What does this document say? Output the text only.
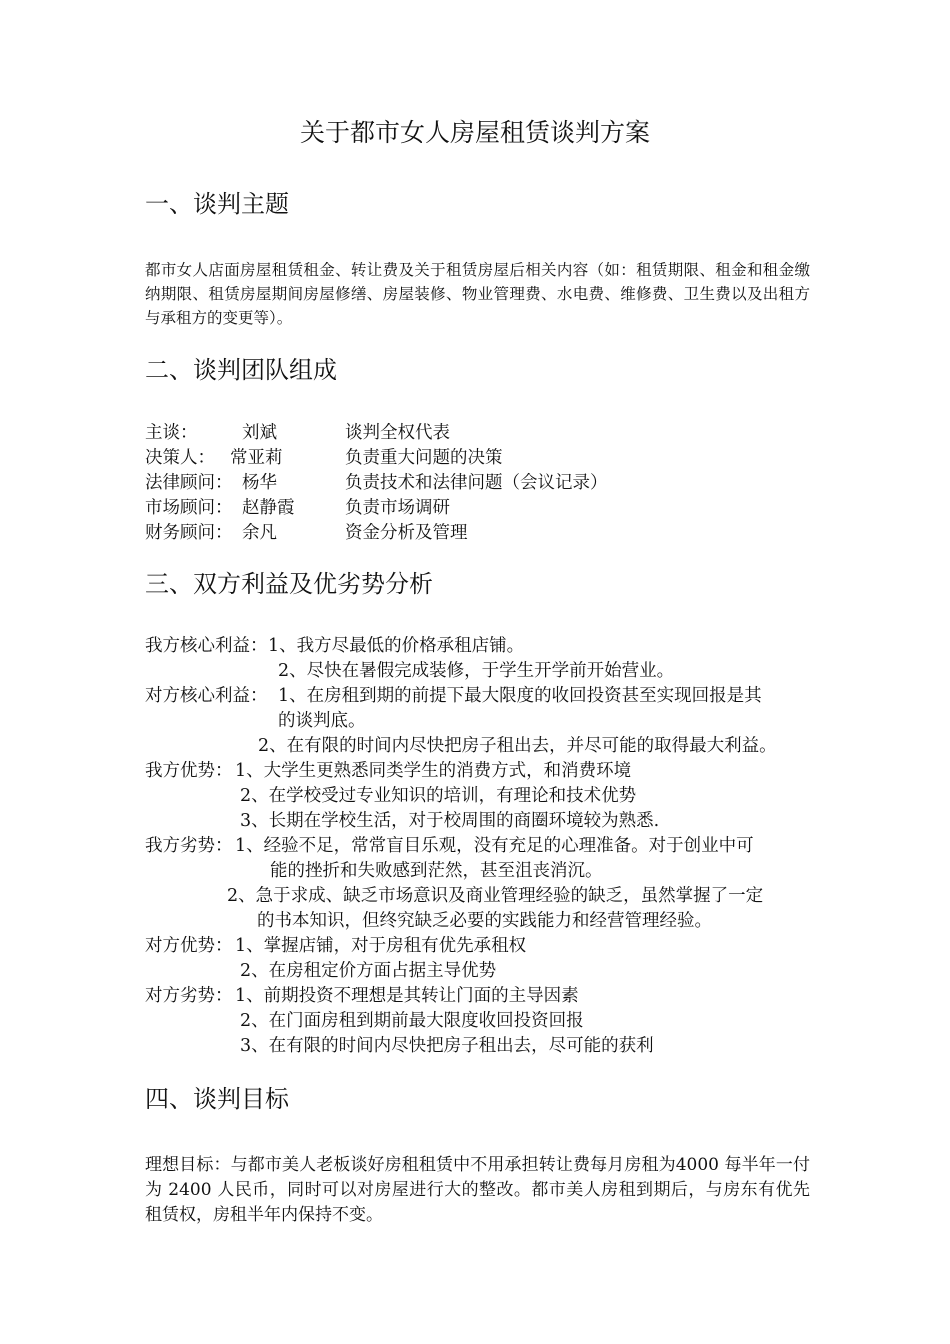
关于都市女人房屋租赁谈判方案
一、谈判主题
都市女人店面房屋租赁租金、转让费及关于租赁房屋后相关内容（如：租赁期限、租金和租金缴纳期限、租赁房屋期间房屋修缮、房屋装修、物业管理费、水电费、维修费、卫生费以及出租方与承租方的变更等）。
二、谈判团队组成
主谈：	刘斌	谈判全权代表
决策人： 常亚莉	负责重大问题的决策
法律顾问： 杨华	负责技术和法律问题（会议记录）
市场顾问： 赵静霞	负责市场调研
财务顾问： 余凡	资金分析及管理
三、双方利益及优劣势分析
我方核心利益： 1、我方尽最低的价格承租店铺。
2、尽快在暑假完成装修，于学生开学前开始营业。
对方核心利益： 1、在房租到期的前提下最大限度的收回投资甚至实现回报是其
的谈判底。
2、在有限的时间内尽快把房子租出去，并尽可能的取得最大利益。
我方优势： 1、大学生更熟悉同类学生的消费方式，和消费环境
2、在学校受过专业知识的培训，有理论和技术优势
3、长期在学校生活，对于校周围的商圈环境较为熟悉.
我方劣势： 1、经验不足，常常盲目乐观，没有充足的心理准备。对于创业中可
能的挫折和失败感到茫然，甚至沮丧消沉。
2、急于求成、缺乏市场意识及商业管理经验的缺乏，虽然掌握了一定
的书本知识，但终究缺乏必要的实践能力和经营管理经验。
对方优势： 1、掌握店铺，对于房租有优先承租权
2、在房租定价方面占据主导优势
对方劣势： 1、前期投资不理想是其转让门面的主导因素
2、在门面房租到期前最大限度收回投资回报
3、在有限的时间内尽快把房子租出去，尽可能的获利
四、谈判目标
理想目标：与都市美人老板谈好房租租赁中不用承担转让费每月房租为4000 每半年一付为 2400 人民币，同时可以对房屋进行大的整改。都市美人房租到期后，与房东有优先租赁权，房租半年内保持不变。
